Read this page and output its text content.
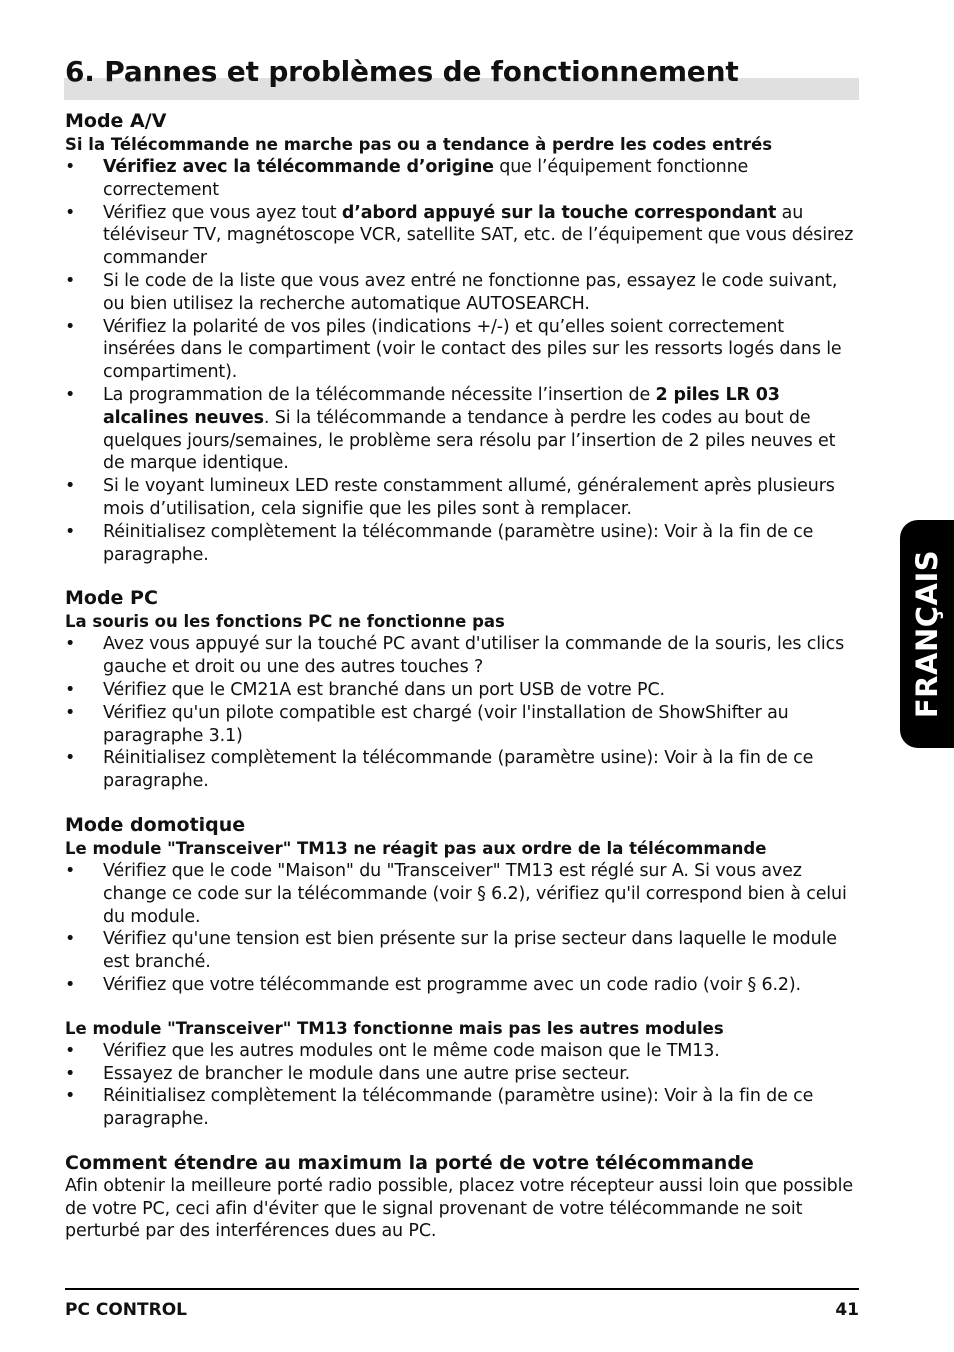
6. Pannes et problèmes de fonctionnement
Mode A/V

Si la Télécommande ne marche pas ou a tendance à perdre les codes entrés

• Vérifiez avec la télécommande d’origine que l’équipement fonctionne correctement
• Vérifiez que vous ayez tout d’abord appuyé sur la touche correspondant au téléviseur TV, magnétoscope VCR, satellite SAT, etc. de l’équipement que vous désirez commander
• Si le code de la liste que vous avez entré ne fonctionne pas, essayez le code suivant, ou bien utilisez la recherche automatique AUTOSEARCH.
• Vérifiez la polarité de vos piles (indications +/-) et qu’elles soient correctement insérées dans le compartiment (voir le contact des piles sur les ressorts logés dans le compartiment).
• La programmation de la télécommande nécessite l’insertion de 2 piles LR 03 alcalines neuves. Si la télécommande a tendance à perdre les codes au bout de quelques jours/semaines, le problème sera résolu par l’insertion de 2 piles neuves et de marque identique.
• Si le voyant lumineux LED reste constamment allumé, généralement après plusieurs mois d’utilisation, cela signifie que les piles sont à remplacer.
• Réinitialisez complètement la télécommande (paramètre usine): Voir à la fin de ce paragraphe.
Mode PC

La souris ou les fonctions PC ne fonctionne pas

• Avez vous appuyé sur la touché PC avant d'utiliser la commande de la souris, les clics gauche et droit ou une des autres touches ?
• Vérifiez que le CM21A est branché dans un port USB de votre PC.
• Vérifiez qu'un pilote compatible est chargé (voir l'installation de ShowShifter au paragraphe 3.1)
• Réinitialisez complètement la télécommande (paramètre usine): Voir à la fin de ce paragraphe.
Mode domotique

Le module "Transceiver" TM13 ne réagit pas aux ordre de la télécommande

• Vérifiez que le code "Maison" du "Transceiver" TM13 est réglé sur A. Si vous avez change ce code sur la télécommande (voir § 6.2), vérifiez qu'il correspond bien à celui du module.
• Vérifiez qu'une tension est bien présente sur la prise secteur dans laquelle le module est branché.
• Vérifiez que votre télécommande est programme avec un code radio (voir § 6.2).

Le module "Transceiver" TM13 fonctionne mais pas les autres modules

• Vérifiez que les autres modules ont le même code maison que le TM13.
• Essayez de brancher le module dans une autre prise secteur.
• Réinitialisez complètement la télécommande (paramètre usine): Voir à la fin de ce paragraphe.
Comment étendre au maximum la porté de votre télécommande

Afin obtenir la meilleure porté radio possible, placez votre récepteur aussi loin que possible de votre PC, ceci afin d'éviter que le signal provenant de votre télécommande ne soit perturbé par des interférences dues au PC.

FRANÇAIS
PC CONTROL	41
